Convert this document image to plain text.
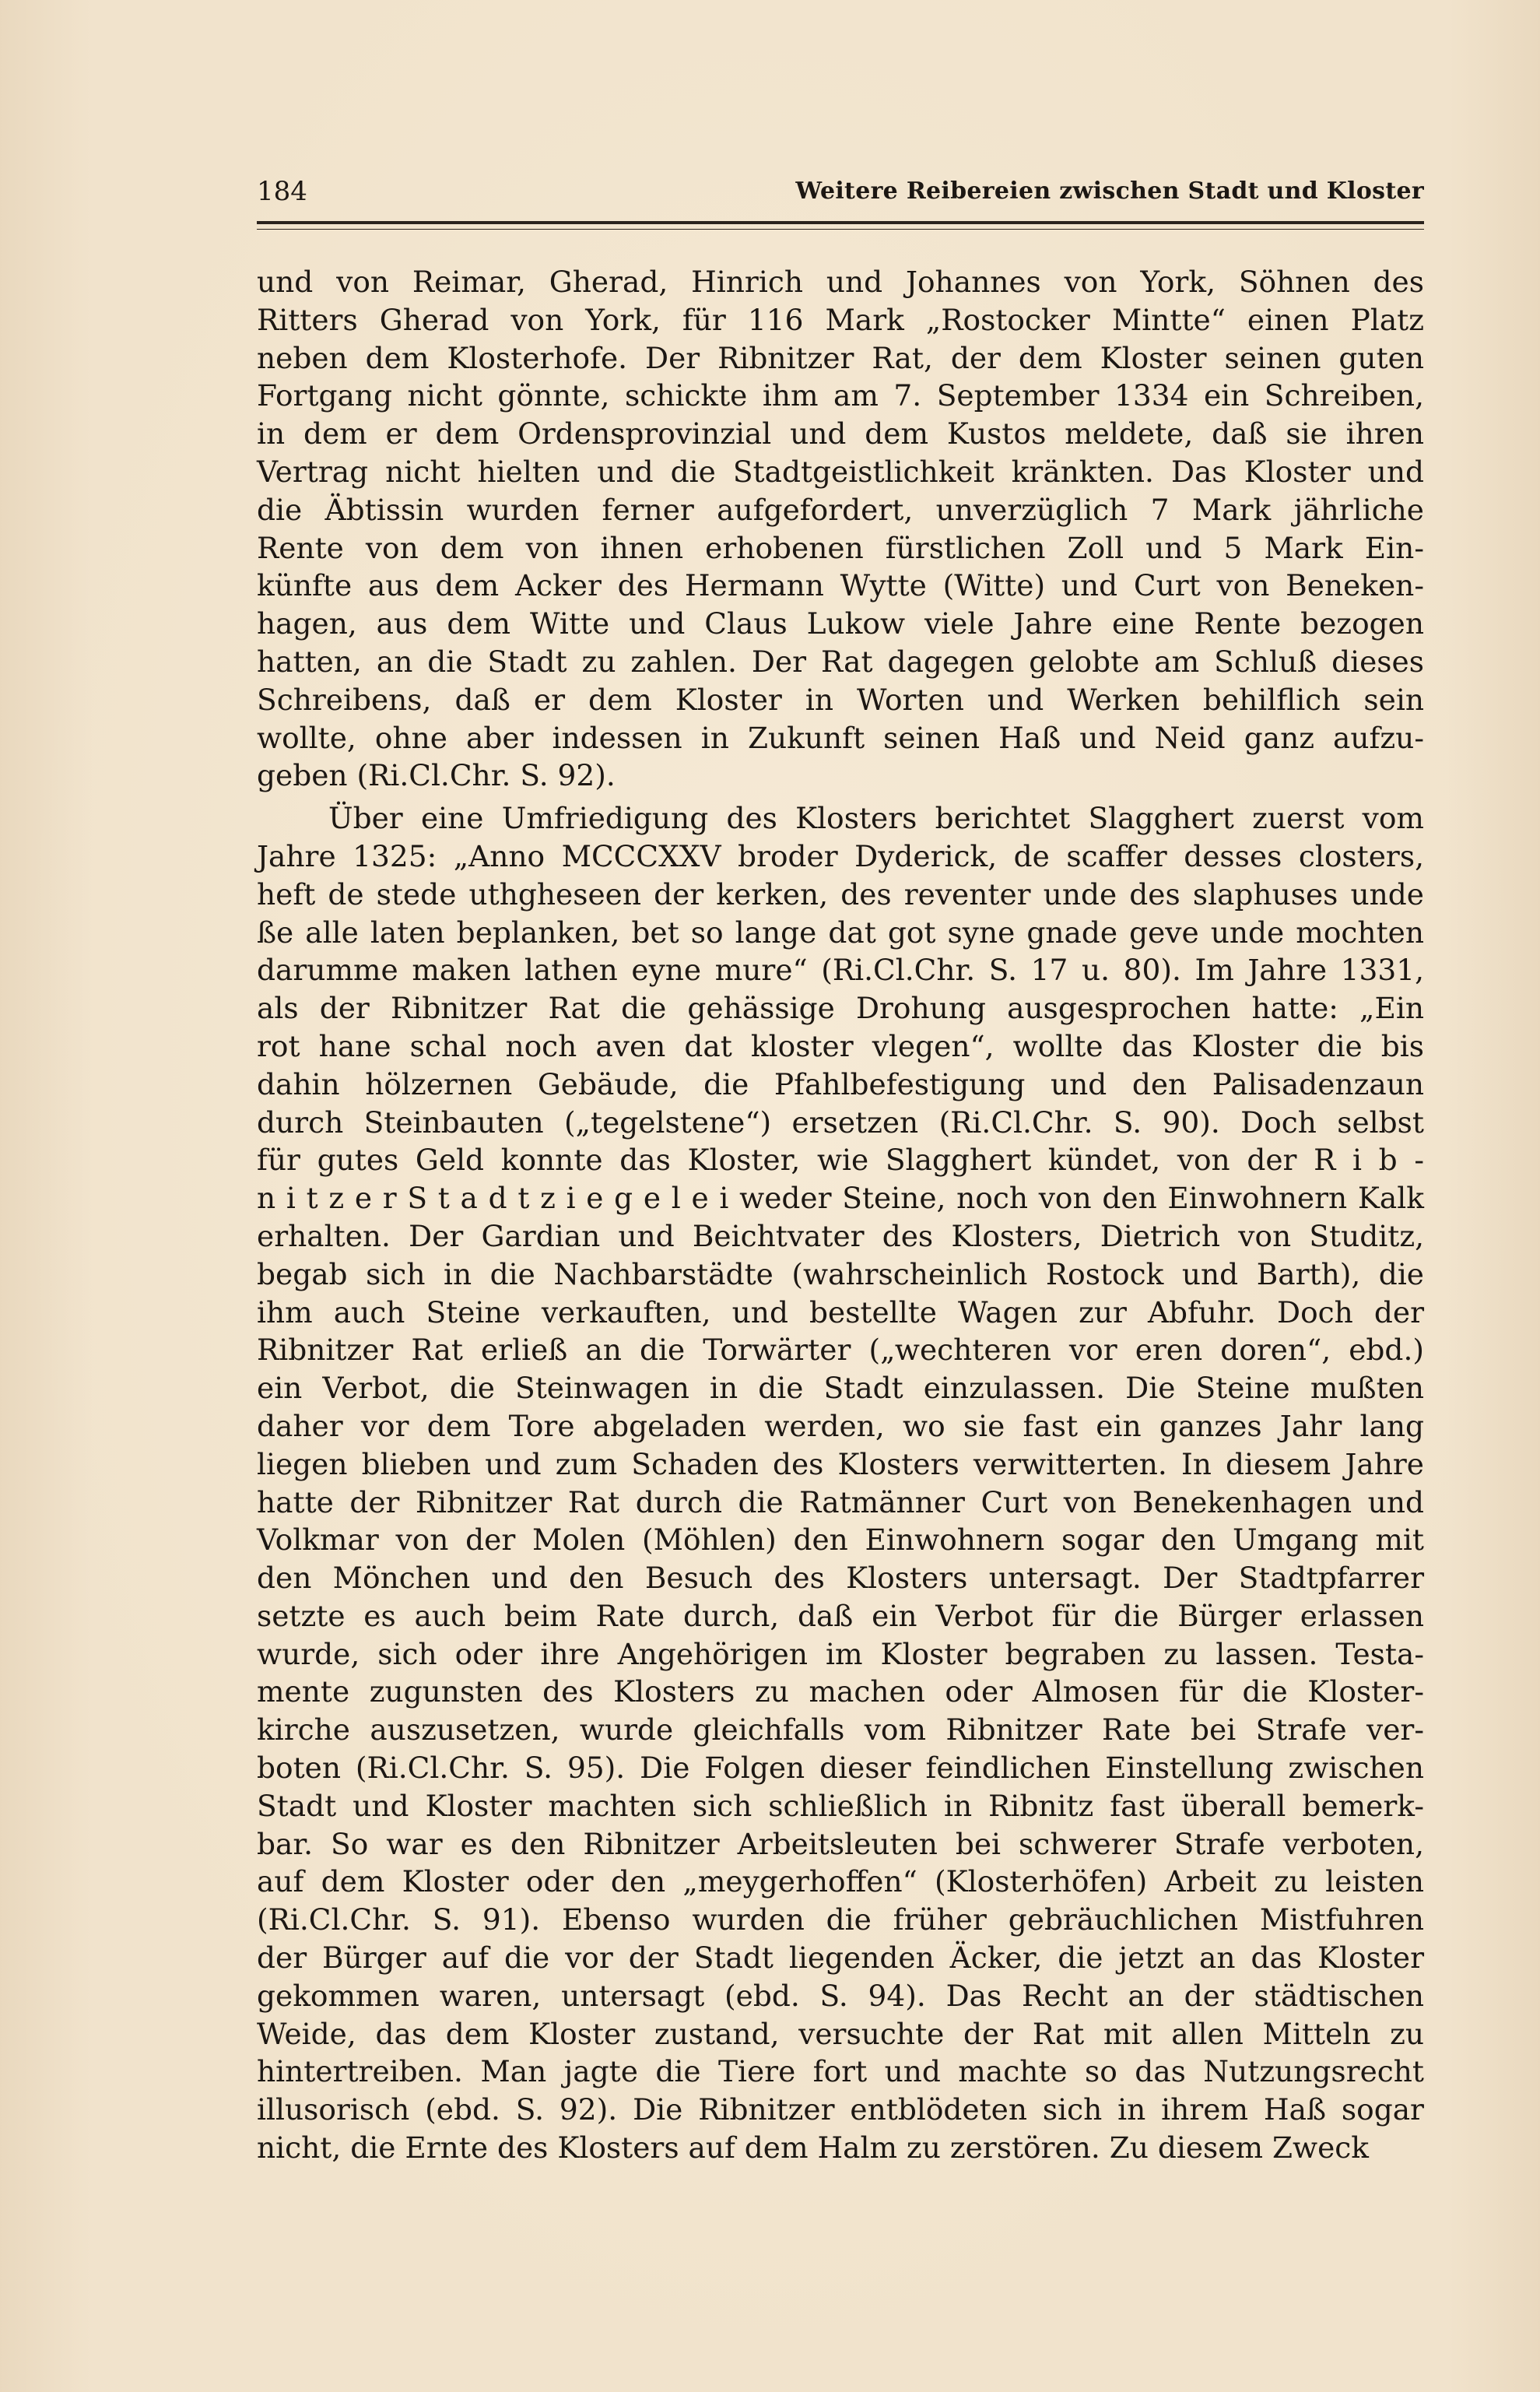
184	Weitere Reibereien zwischen Stadt und Kloster
und von Reimar, Gherad, Hinrich und Johannes von York, Söhnen des
Ritters Gherad von York, für 116 Mark „Rostocker Mintte“ einen Platz
neben dem Klosterhofe. Der Ribnitzer Rat, der dem Kloster seinen guten
Fortgang nicht gönnte, schickte ihm am 7. September 1334 ein Schreiben,
in dem er dem Ordensprovinzial und dem Kustos meldete, daß sie ihren
Vertrag nicht hielten und die Stadtgeistlichkeit kränkten. Das Kloster und
die Äbtissin wurden ferner aufgefordert, unverzüglich 7 Mark jährliche
Rente von dem von ihnen erhobenen fürstlichen Zoll und 5 Mark Ein-
künfte aus dem Acker des Hermann Wytte (Witte) und Curt von Beneken-
hagen, aus dem Witte und Claus Lukow viele Jahre eine Rente bezogen
hatten, an die Stadt zu zahlen. Der Rat dagegen gelobte am Schluß dieses
Schreibens, daß er dem Kloster in Worten und Werken behilflich sein
wollte, ohne aber indessen in Zukunft seinen Haß und Neid ganz aufzu-
geben (Ri.Cl.Chr. S. 92).
Über eine Umfriedigung des Klosters berichtet Slagghert zuerst vom
Jahre 1325: „Anno MCCCXXV broder Dyderick, de scaffer desses closters,
heft de stede uthgheseen der kerken, des reventer unde des slaphuses unde
ße alle laten beplanken, bet so lange dat got syne gnade geve unde mochten
darumme maken lathen eyne mure“ (Ri.Cl.Chr. S. 17 u. 80). Im Jahre 1331,
als der Ribnitzer Rat die gehässige Drohung ausgesprochen hatte: „Ein
rot hane schal noch aven dat kloster vlegen“, wollte das Kloster die bis
dahin hölzernen Gebäude, die Pfahlbefestigung und den Palisadenzaun
durch Steinbauten („tegelstene“) ersetzen (Ri.Cl.Chr. S. 90). Doch selbst
für gutes Geld konnte das Kloster, wie Slagghert kündet, von der R i b -
n i t z e r S t a d t z i e g e l e i weder Steine, noch von den Einwohnern Kalk
erhalten. Der Gardian und Beichtvater des Klosters, Dietrich von Studitz,
begab sich in die Nachbarstädte (wahrscheinlich Rostock und Barth), die
ihm auch Steine verkauften, und bestellte Wagen zur Abfuhr. Doch der
Ribnitzer Rat erließ an die Torwärter („wechteren vor eren doren“, ebd.)
ein Verbot, die Steinwagen in die Stadt einzulassen. Die Steine mußten
daher vor dem Tore abgeladen werden, wo sie fast ein ganzes Jahr lang
liegen blieben und zum Schaden des Klosters verwitterten. In diesem Jahre
hatte der Ribnitzer Rat durch die Ratmänner Curt von Benekenhagen und
Volkmar von der Molen (Möhlen) den Einwohnern sogar den Umgang mit
den Mönchen und den Besuch des Klosters untersagt. Der Stadtpfarrer
setzte es auch beim Rate durch, daß ein Verbot für die Bürger erlassen
wurde, sich oder ihre Angehörigen im Kloster begraben zu lassen. Testa-
mente zugunsten des Klosters zu machen oder Almosen für die Kloster-
kirche auszusetzen, wurde gleichfalls vom Ribnitzer Rate bei Strafe ver-
boten (Ri.Cl.Chr. S. 95). Die Folgen dieser feindlichen Einstellung zwischen
Stadt und Kloster machten sich schließlich in Ribnitz fast überall bemerk-
bar. So war es den Ribnitzer Arbeitsleuten bei schwerer Strafe verboten,
auf dem Kloster oder den „meygerhoffen“ (Klosterhöfen) Arbeit zu leisten
(Ri.Cl.Chr. S. 91). Ebenso wurden die früher gebräuchlichen Mistfuhren
der Bürger auf die vor der Stadt liegenden Äcker, die jetzt an das Kloster
gekommen waren, untersagt (ebd. S. 94). Das Recht an der städtischen
Weide, das dem Kloster zustand, versuchte der Rat mit allen Mitteln zu
hintertreiben. Man jagte die Tiere fort und machte so das Nutzungsrecht
illusorisch (ebd. S. 92). Die Ribnitzer entblödeten sich in ihrem Haß sogar
nicht, die Ernte des Klosters auf dem Halm zu zerstören. Zu diesem Zweck
